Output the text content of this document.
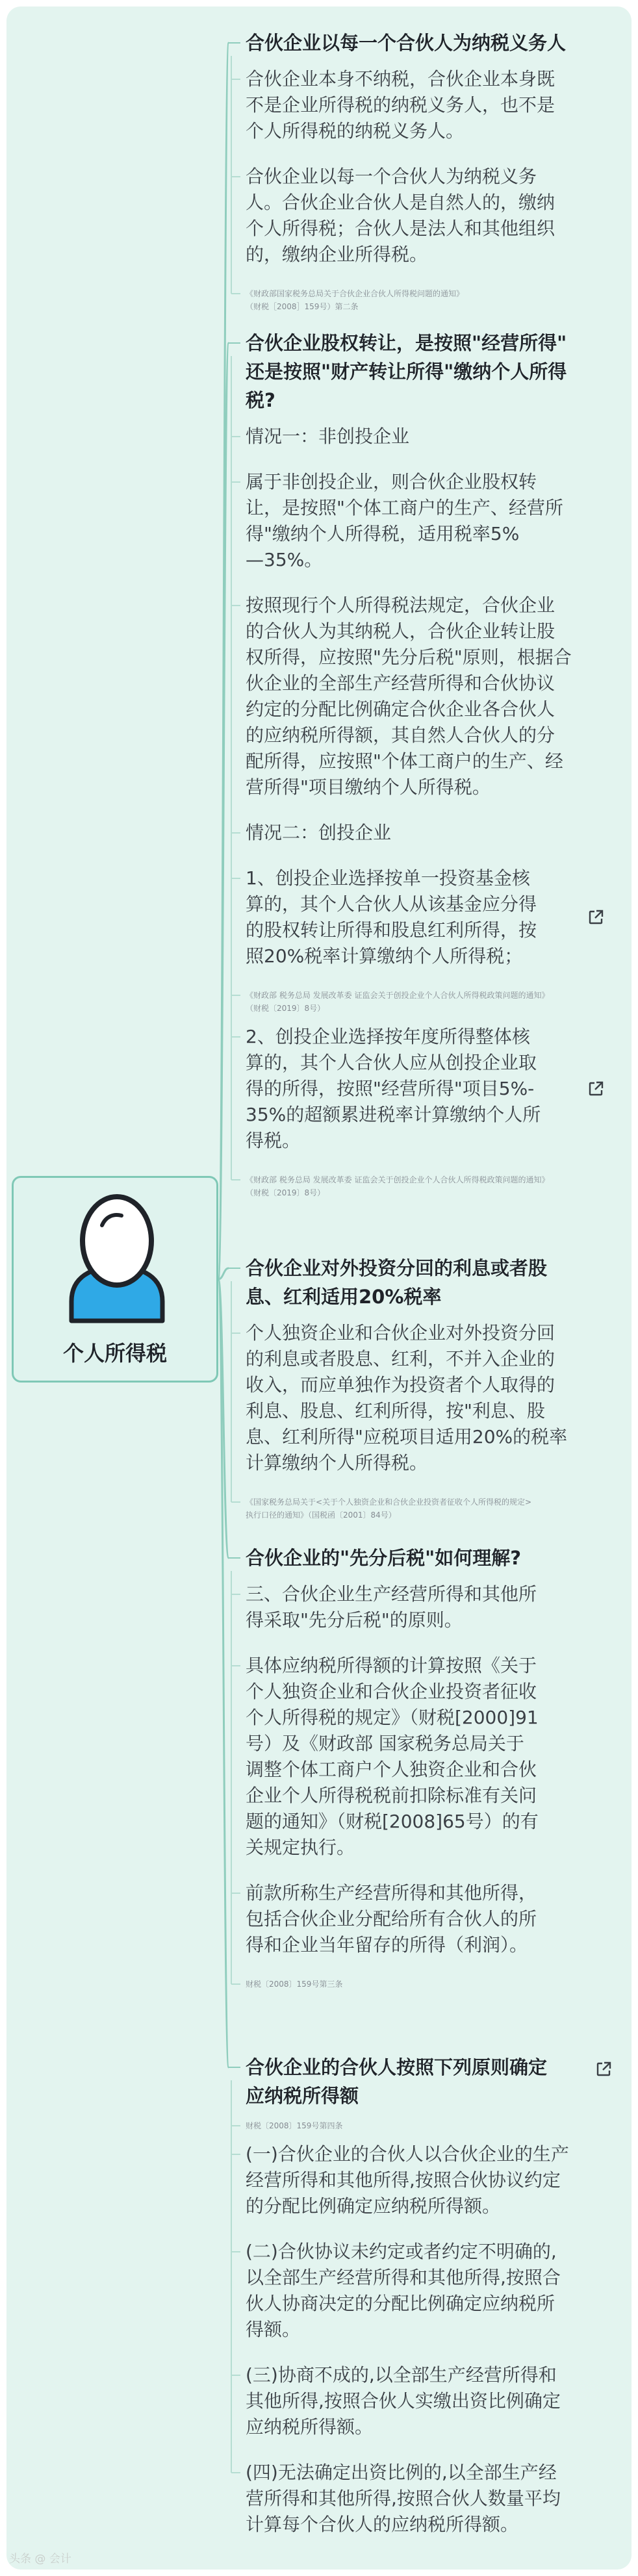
个人所得税
合伙企业以每一个合伙人为纳税义务人
合伙企业本身不纳税，合伙企业本身既
不是企业所得税的纳税义务人，也不是
个人所得税的纳税义务人。
合伙企业以每一个合伙人为纳税义务
人。合伙企业合伙人是自然人的，缴纳
个人所得税；合伙人是法人和其他组织
的，缴纳企业所得税。
《财政部国家税务总局关于合伙企业合伙人所得税问题的通知》
（财税［2008］159号）第二条
合伙企业股权转让，是按照"经营所得"
还是按照"财产转让所得"缴纳个人所得
税?
情况一：非创投企业
属于非创投企业，则合伙企业股权转
让，是按照"个体工商户的生产、经营所
得"缴纳个人所得税，适用税率5%
—35%。
按照现行个人所得税法规定，合伙企业
的合伙人为其纳税人，合伙企业转让股
权所得，应按照"先分后税"原则，根据合
伙企业的全部生产经营所得和合伙协议
约定的分配比例确定合伙企业各合伙人
的应纳税所得额，其自然人合伙人的分
配所得，应按照"个体工商户的生产、经
营所得"项目缴纳个人所得税。
情况二：创投企业
1、创投企业选择按单一投资基金核
算的，其个人合伙人从该基金应分得
的股权转让所得和股息红利所得，按
照20%税率计算缴纳个人所得税；
《财政部 税务总局 发展改革委 证监会关于创投企业个人合伙人所得税政策问题的通知》
（财税〔2019〕8号）
2、创投企业选择按年度所得整体核
算的，其个人合伙人应从创投企业取
得的所得，按照"经营所得"项目5%-
35%的超额累进税率计算缴纳个人所
得税。
《财政部 税务总局 发展改革委 证监会关于创投企业个人合伙人所得税政策问题的通知》
（财税〔2019〕8号）
合伙企业对外投资分回的利息或者股
息、红利适用20%税率
个人独资企业和合伙企业对外投资分回
的利息或者股息、红利，不并入企业的
收入，而应单独作为投资者个人取得的
利息、股息、红利所得，按"利息、股
息、红利所得"应税项目适用20%的税率
计算缴纳个人所得税。
《国家税务总局关于<关于个人独资企业和合伙企业投资者征收个人所得税的规定>
执行口径的通知》（国税函〔2001〕84号）
合伙企业的"先分后税"如何理解?
三、合伙企业生产经营所得和其他所
得采取"先分后税"的原则。
具体应纳税所得额的计算按照《关于
个人独资企业和合伙企业投资者征收
个人所得税的规定》（财税[2000]91
号）及《财政部 国家税务总局关于
调整个体工商户个人独资企业和合伙
企业个人所得税税前扣除标准有关问
题的通知》（财税[2008]65号）的有
关规定执行。
前款所称生产经营所得和其他所得，
包括合伙企业分配给所有合伙人的所
得和企业当年留存的所得（利润）。
财税〔2008〕159号第三条
合伙企业的合伙人按照下列原则确定
应纳税所得额
财税〔2008〕159号第四条
(一)合伙企业的合伙人以合伙企业的生产
经营所得和其他所得,按照合伙协议约定
的分配比例确定应纳税所得额。
(二)合伙协议未约定或者约定不明确的,
以全部生产经营所得和其他所得,按照合
伙人协商决定的分配比例确定应纳税所
得额。
(三)协商不成的,以全部生产经营所得和
其他所得,按照合伙人实缴出资比例确定
应纳税所得额。
(四)无法确定出资比例的,以全部生产经
营所得和其他所得,按照合伙人数量平均
计算每个合伙人的应纳税所得额。
头条 @ 会计
